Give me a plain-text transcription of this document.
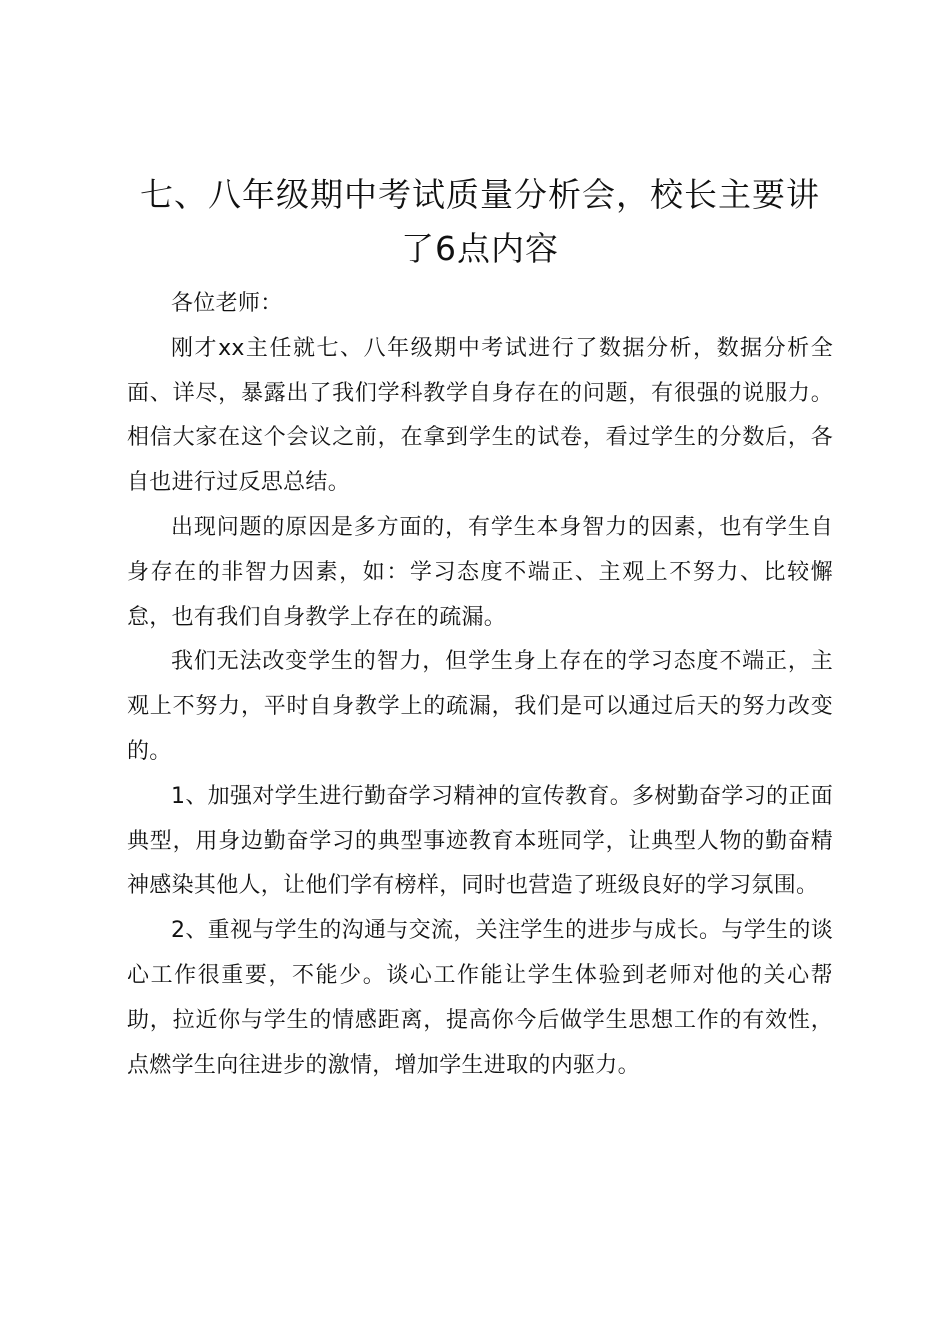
七、八年级期中考试质量分析会，校长主要讲了6点内容

各位老师：

刚才xx主任就七、八年级期中考试进行了数据分析，数据分析全面、详尽，暴露出了我们学科教学自身存在的问题，有很强的说服力。相信大家在这个会议之前，在拿到学生的试卷，看过学生的分数后，各自也进行过反思总结。

出现问题的原因是多方面的，有学生本身智力的因素，也有学生自身存在的非智力因素，如：学习态度不端正、主观上不努力、比较懈怠，也有我们自身教学上存在的疏漏。

我们无法改变学生的智力，但学生身上存在的学习态度不端正，主观上不努力，平时自身教学上的疏漏，我们是可以通过后天的努力改变的。

1、加强对学生进行勤奋学习精神的宣传教育。多树勤奋学习的正面典型，用身边勤奋学习的典型事迹教育本班同学，让典型人物的勤奋精神感染其他人，让他们学有榜样，同时也营造了班级良好的学习氛围。

2、重视与学生的沟通与交流，关注学生的进步与成长。与学生的谈心工作很重要，不能少。谈心工作能让学生体验到老师对他的关心帮助，拉近你与学生的情感距离，提高你今后做学生思想工作的有效性，点燃学生向往进步的激情，增加学生进取的内驱力。
